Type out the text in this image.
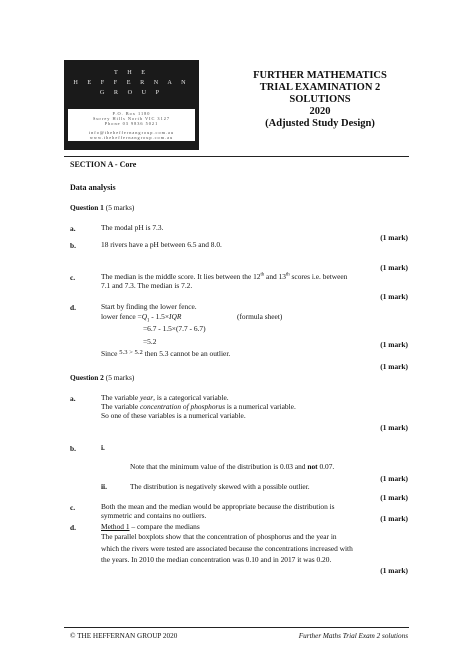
T H E
H E F F E R N A N
G R O U P
P.O. Box 1180
Surrey Hills North VIC 3127
Phone 03 9836 5021
info@theheffernangroup.com.au
www.theheffernangroup.com.au
FURTHER MATHEMATICS
TRIAL EXAMINATION 2
SOLUTIONS
2020
(Adjusted Study Design)
SECTION A - Core
Data analysis
Question 1 (5 marks)
a.	The modal pH is 7.3.
(1 mark)
b.	18 rivers have a pH between 6.5 and 8.0.
(1 mark)
c.	The median is the middle score. It lies between the 12th and 13th scores i.e. between
7.1 and 7.3. The median is 7.2.
(1 mark)
d.	Start by finding the lower fence.
lower fence $=Q_1 - 1.5\times IQR$	(formula sheet)
=6.7 - 1.5×(7.7 - 6.7)
=5.2	(1 mark)
Since 5.3 > 5.2 then 5.3 cannot be an outlier.
(1 mark)
Question 2 (5 marks)
a.	The variable year, is a categorical variable.
The variable concentration of phosphorus is a numerical variable.
So one of these variables is a numerical variable.
(1 mark)
b.	i.
Note that the minimum value of the distribution is 0.03 and not 0.07.
(1 mark)
ii.	The distribution is negatively skewed with a possible outlier.
(1 mark)
c.	Both the mean and the median would be appropriate because the distribution is
symmetric and contains no outliers.	(1 mark)
d.	Method 1 – compare the medians
The parallel boxplots show that the concentration of phosphorus and the year in
which the rivers were tested are associated because the concentrations increased with
the years. In 2010 the median concentration was 0.10 and in 2017 it was 0.20.
(1 mark)
© THE HEFFERNAN GROUP 2020	Further Maths Trial Exam 2 solutions
